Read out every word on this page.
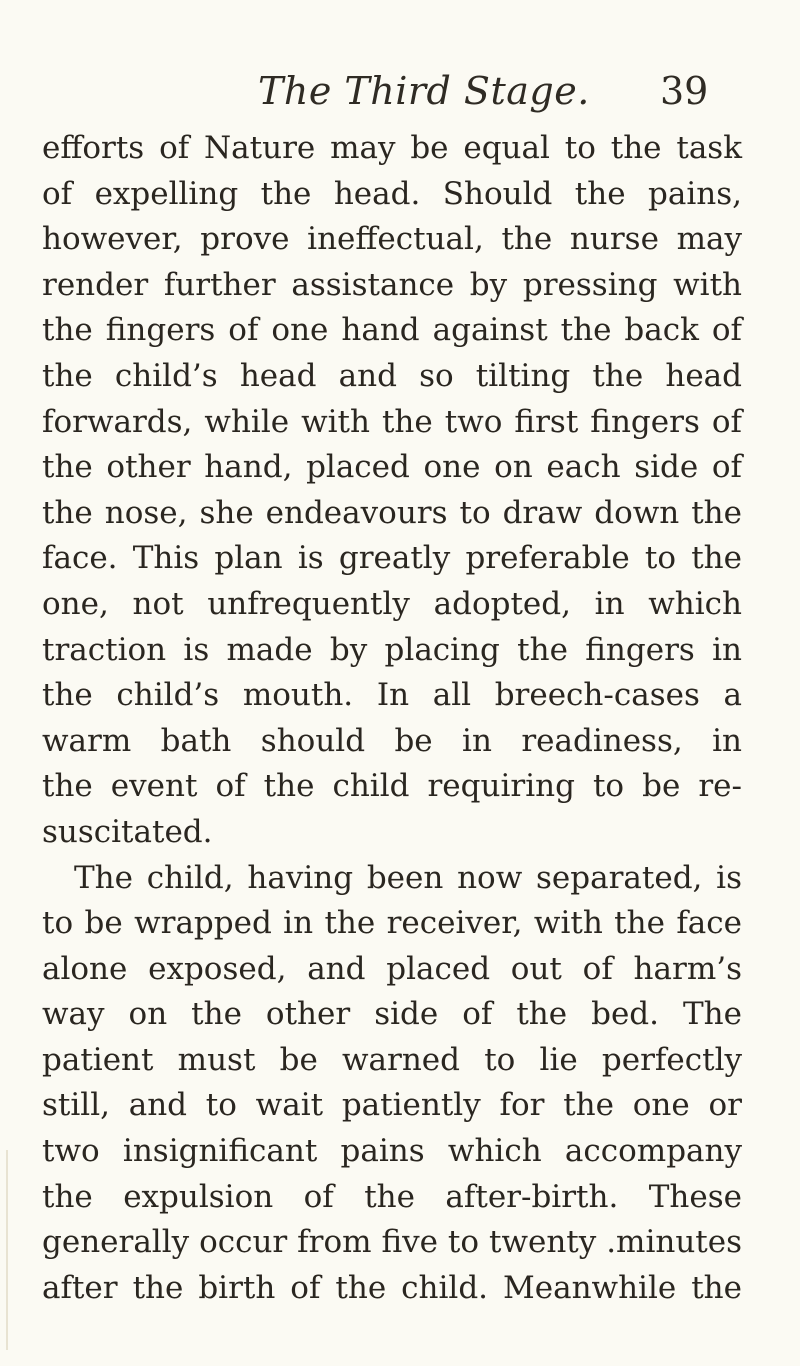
The Third Stage. 39
efforts of Nature may be equal to the task
of expelling the head. Should the pains,
however, prove ineffectual, the nurse may
render further assistance by pressing with
the fingers of one hand against the back of
the child’s head and so tilting the head
forwards, while with the two first fingers of
the other hand, placed one on each side of
the nose, she endeavours to draw down the
face. This plan is greatly preferable to the
one, not unfrequently adopted, in which
traction is made by placing the fingers in
the child’s mouth. In all breech-cases a
warm bath should be in readiness, in
the event of the child requiring to be re-
suscitated.
The child, having been now separated, is
to be wrapped in the receiver, with the face
alone exposed, and placed out of harm’s
way on the other side of the bed. The
patient must be warned to lie perfectly
still, and to wait patiently for the one or
two insignificant pains which accompany
the expulsion of the after-birth. These
generally occur from five to twenty .minutes
after the birth of the child. Meanwhile the
